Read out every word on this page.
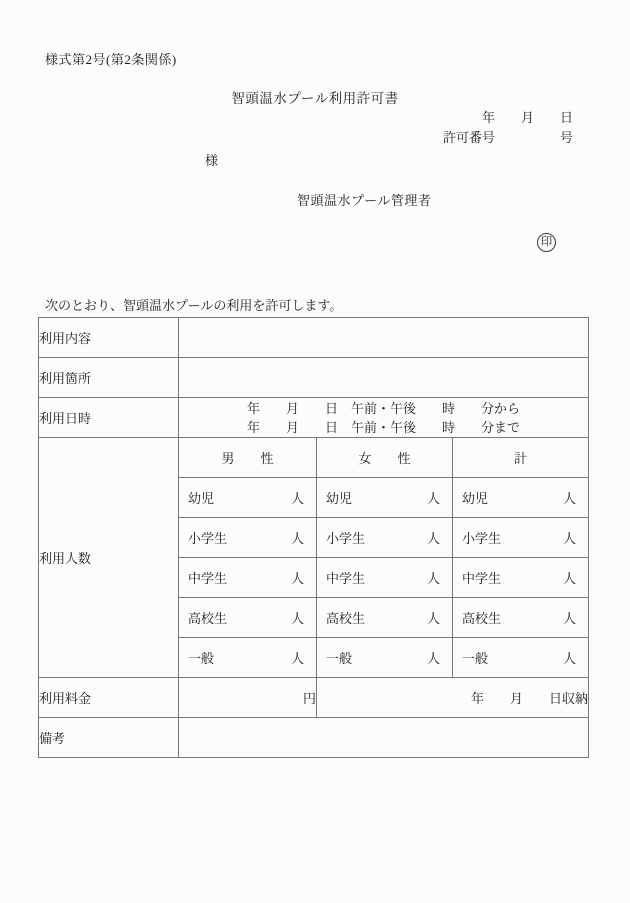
様式第2号(第2条関係)
智頭温水プール利用許可書
年　　月　　日
許可番号　　　　　号
様
智頭温水プール管理者
印
次のとおり、智頭温水プールの利用を許可します。
利用内容			
利用箇所			
利用日時	年　　月　　日　午前・午後　　時　　分から
年　　月　　日　午前・午後　　時　　分まで		

利用人数	男　　性	女　　性	計

	幼児 人	幼児 人	幼児 人

	小学生 人	小学生 人	小学生 人

	中学生 人	中学生 人	中学生 人

	高校生 人	高校生 人	高校生 人

	一般 人	一般 人	一般 人

利用料金	円	年　　月　　日収納	
備考			
